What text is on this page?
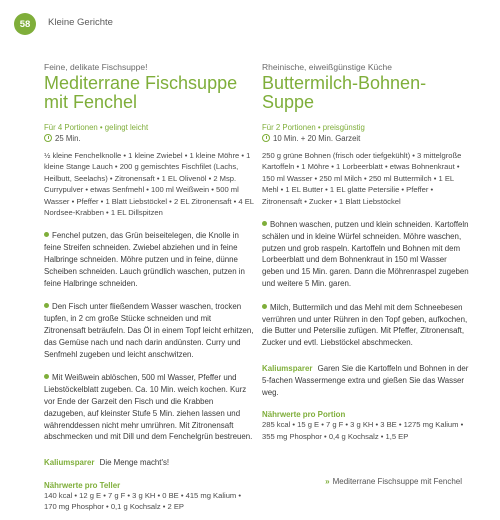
58	Kleine Gerichte
Feine, delikate Fischsuppe!
Mediterrane Fischsuppe
mit Fenchel
Für 4 Portionen • gelingt leicht
25 Min.
½ kleine Fenchelknolle • 1 kleine Zwiebel • 1 kleine Möhre • 1 kleine Stange Lauch • 200 g gemischtes Fischfilet (Lachs, Heilbutt, Seelachs) • Zitronensaft • 1 EL Olivenöl • 2 Msp. Currypulver • etwas Senfmehl • 100 ml Weißwein • 500 ml Wasser • Pfeffer • 1 Blatt Liebstöckel • 2 EL Zitronensaft • 4 EL Nordsee-Krabben • 1 EL Dillspitzen
Fenchel putzen, das Grün beiseitelegen, die Knolle in feine Streifen schneiden. Zwiebel abziehen und in feine Halbringe schneiden. Möhre putzen und in feine, dünne Scheiben schneiden. Lauch gründlich waschen, putzen in feine Halbringe schneiden.
Den Fisch unter fließendem Wasser waschen, trocken tupfen, in 2 cm große Stücke schneiden und mit Zitronensaft beträufeln. Das Öl in einem Topf leicht erhitzen, das Gemüse nach und nach darin andünsten. Curry und Senfmehl zugeben und leicht anschwitzen.
Mit Weißwein ablöschen, 500 ml Wasser, Pfeffer und Liebstöckelblatt zugeben. Ca. 10 Min. weich kochen. Kurz vor Ende der Garzeit den Fisch und die Krabben dazugeben, auf kleinster Stufe 5 Min. ziehen lassen und währenddessen nicht mehr umrühren. Mit Zitronensaft abschmecken und mit Dill und dem Fenchelgrün bestreuen.
Kaliumsparer Die Menge macht's!
Nährwerte pro Teller
140 kcal • 12 g E • 7 g F • 3 g KH • 0 BE • 415 mg Kalium • 170 mg Phosphor • 0,1 g Kochsalz • 2 EP
Rheinische, eiweißgünstige Küche
Buttermilch-Bohnen-Suppe
Für 2 Portionen • preisgünstig
10 Min. + 20 Min. Garzeit
250 g grüne Bohnen (frisch oder tiefgekühlt) • 3 mittelgroße Kartoffeln • 1 Möhre • 1 Lorbeerblatt • etwas Bohnenkraut • 150 ml Wasser • 250 ml Milch • 250 ml Buttermilch • 1 EL Mehl • 1 EL Butter • 1 EL glatte Petersilie • Pfeffer • Zitronensaft • Zucker • 1 Blatt Liebstöckel
Bohnen waschen, putzen und klein schneiden. Kartoffeln schälen und in kleine Würfel schneiden. Möhre waschen, putzen und grob raspeln. Kartoffeln und Bohnen mit dem Lorbeerblatt und dem Bohnenkraut in 150 ml Wasser geben und 15 Min. garen. Dann die Möhrenraspel zugeben und weitere 5 Min. garen.
Milch, Buttermilch und das Mehl mit dem Schneebesen verrühren und unter Rühren in den Topf geben, aufkochen, die Butter und Petersilie zufügen. Mit Pfeffer, Zitronensaft, Zucker und evtl. Liebstöckel abschmecken.
Kaliumsparer Garen Sie die Kartoffeln und Bohnen in der 5-fachen Wassermenge extra und gießen Sie das Wasser weg.
Nährwerte pro Portion
285 kcal • 15 g E • 7 g F • 3 g KH • 3 BE • 1275 mg Kalium • 355 mg Phosphor • 0,4 g Kochsalz • 1,5 EP
» Mediterrane Fischsuppe mit Fenchel
